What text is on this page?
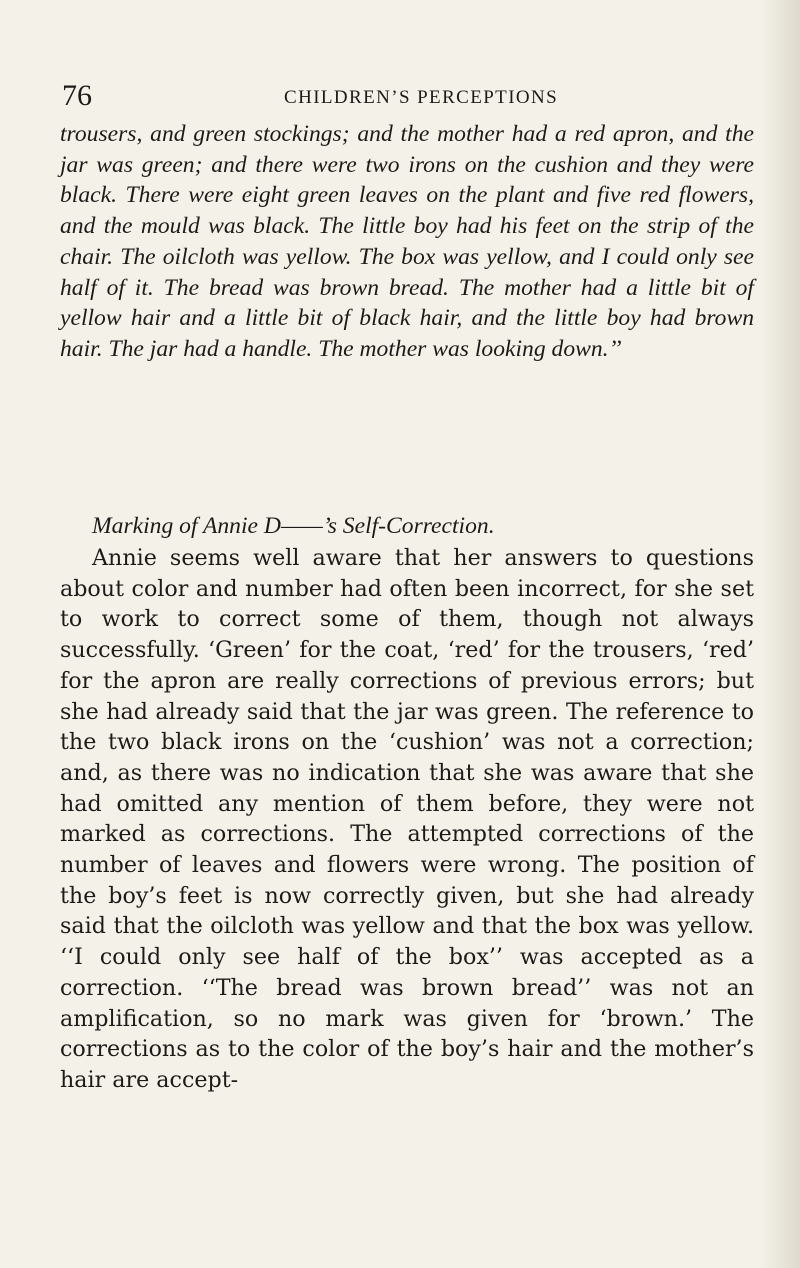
76	CHILDREN’S PERCEPTIONS

trousers, and green stockings; and the mother had a red apron, and the jar was green; and there were two irons on the cushion and they were black. There were eight green leaves on the plant and five red flowers, and the mould was black. The little boy had his feet on the strip of the chair. The oilcloth was yellow. The box was yellow, and I could only see half of it. The bread was brown bread. The mother had a little bit of yellow hair and a little bit of black hair, and the little boy had brown hair. The jar had a handle. The mother was looking down.’’

Marking of Annie D——’s Self-Correction.

Annie seems well aware that her answers to questions about color and number had often been incorrect, for she set to work to correct some of them, though not always successfully. ‘Green’ for the coat, ‘red’ for the trousers, ‘red’ for the apron are really corrections of previous errors; but she had already said that the jar was green. The reference to the two black irons on the ‘cushion’ was not a correction; and, as there was no indication that she was aware that she had omitted any mention of them before, they were not marked as corrections. The attempted corrections of the number of leaves and flowers were wrong. The position of the boy’s feet is now correctly given, but she had already said that the oilcloth was yellow and that the box was yellow. ‘‘I could only see half of the box’’ was accepted as a correction. ‘‘The bread was brown bread’’ was not an amplification, so no mark was given for ‘brown.’ The corrections as to the color of the boy’s hair and the mother’s hair are accept-
